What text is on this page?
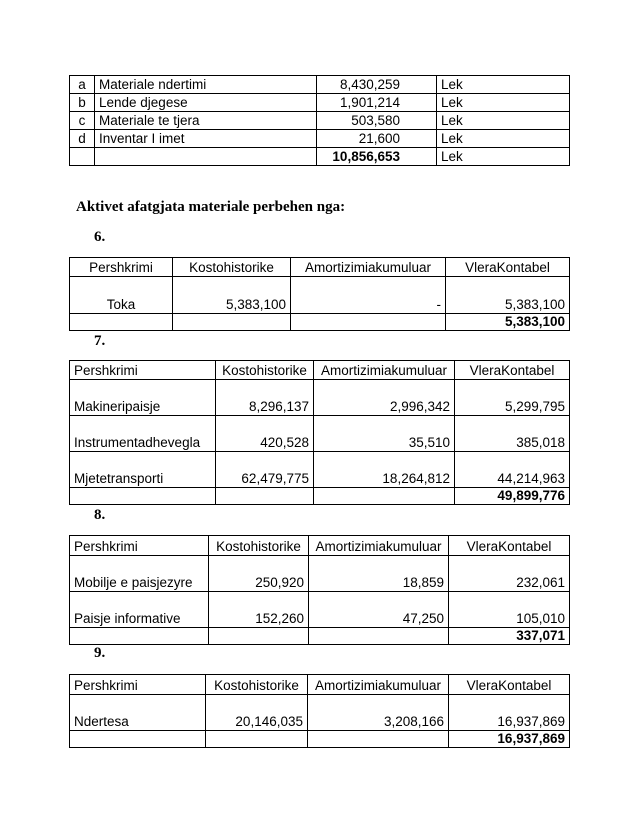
a	Materiale ndertimi	8,430,259	Lek
b	Lende djegese	1,901,214	Lek
c	Materiale te tjera	503,580	Lek
d	Inventar I imet	21,600	Lek
		10,856,653	Lek
Aktivet afatgjata materiale perbehen nga:
6.
Pershkrimi	Kostohistorike	Amortizimiakumuluar	VleraKontabel
Toka	5,383,100	-	5,383,100
			5,383,100
7.
Pershkrimi	Kostohistorike	Amortizimiakumuluar	VleraKontabel
Makineripaisje	8,296,137	2,996,342	5,299,795
Instrumentadhevegla	420,528	35,510	385,018
Mjetetransporti	62,479,775	18,264,812	44,214,963
			49,899,776
8.
Pershkrimi	Kostohistorike	Amortizimiakumuluar	VleraKontabel
Mobilje e paisjezyre	250,920	18,859	232,061
Paisje informative	152,260	47,250	105,010
			337,071
9.
Pershkrimi	Kostohistorike	Amortizimiakumuluar	VleraKontabel
Ndertesa	20,146,035	3,208,166	16,937,869
			16,937,869
